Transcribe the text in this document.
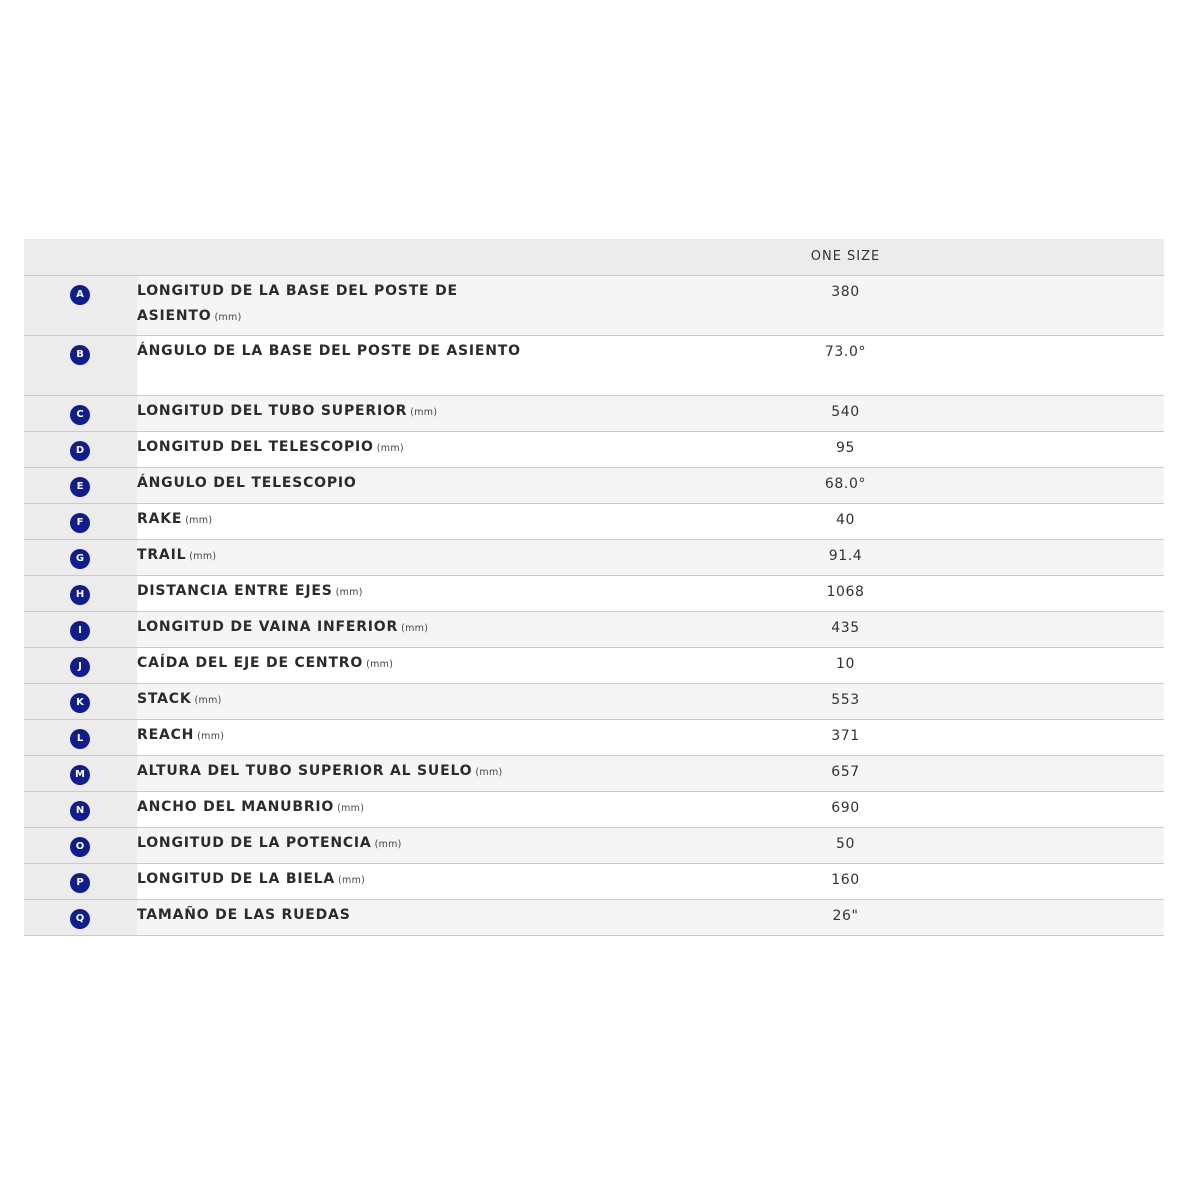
		ONE SIZE

A	LONGITUD DE LA BASE DEL POSTE DE ASIENTO (mm)	380

B	ÁNGULO DE LA BASE DEL POSTE DE ASIENTO	73.0°

C	LONGITUD DEL TUBO SUPERIOR (mm)	540

D	LONGITUD DEL TELESCOPIO (mm)	95

E	ÁNGULO DEL TELESCOPIO	68.0°

F	RAKE (mm)	40

G	TRAIL (mm)	91.4

H	DISTANCIA ENTRE EJES (mm)	1068

I	LONGITUD DE VAINA INFERIOR (mm)	435

J	CAÍDA DEL EJE DE CENTRO (mm)	10

K	STACK (mm)	553

L	REACH (mm)	371

M	ALTURA DEL TUBO SUPERIOR AL SUELO (mm)	657

N	ANCHO DEL MANUBRIO (mm)	690

O	LONGITUD DE LA POTENCIA (mm)	50

P	LONGITUD DE LA BIELA (mm)	160

Q	TAMAÑO DE LAS RUEDAS	26"
